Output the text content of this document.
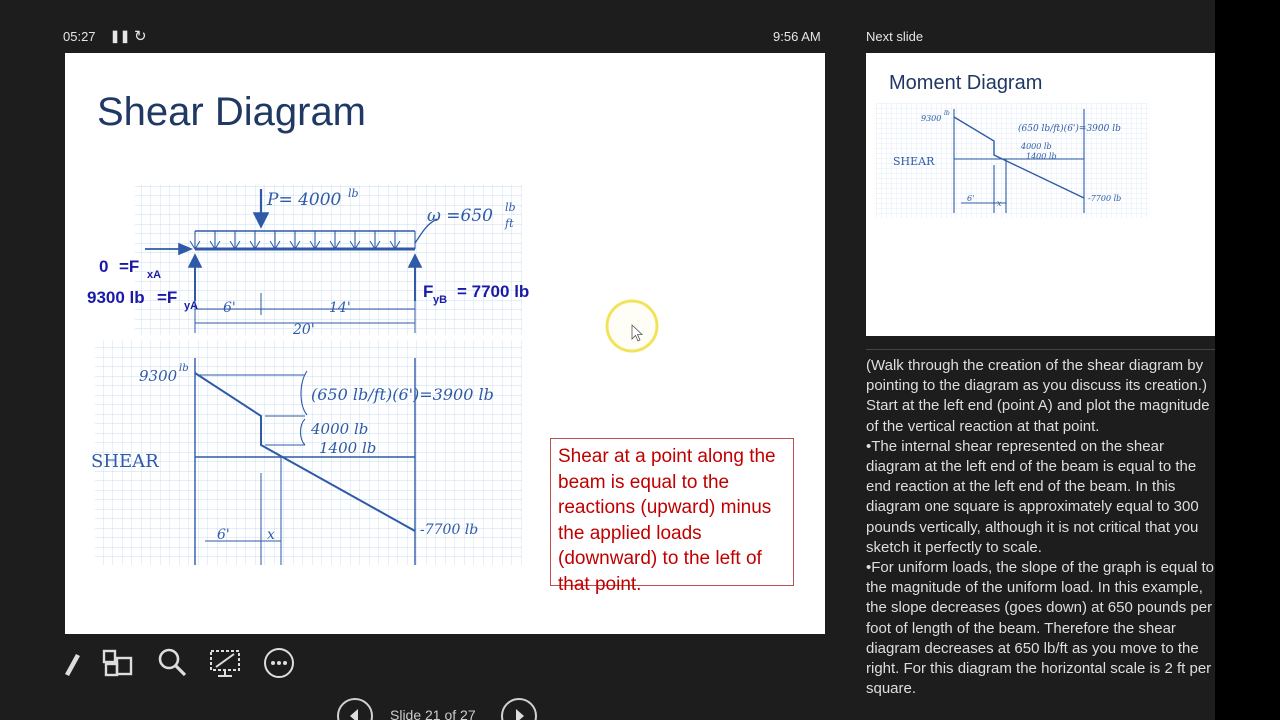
05:27 ❚❚ ↻	9:56 AM	Next slide
Shear Diagram
P= 4000 lb
ω =650 lb
ft
6'	14'
20'
9300 lb
(650 lb/ft)(6')=3900 lb
4000 lb
1400 lb
SHEAR
-7700 lb
6'	x
0 =F xA
9300 lb =F yA
F yB = 7700 lb
Shear at a point along the beam is equal to the reactions (upward) minus the applied loads (downward) to the left of that point.
Moment Diagram
9300
lb
(650 lb/ft)(6')=3900 lb
4000 lb
1400 lb
SHEAR
-7700 lb
6'
x

(Walk through the creation of the shear diagram by pointing to the diagram as you discuss its creation.)

Start at the left end (point A) and plot the magnitude of the vertical reaction at that point.

•The internal shear represented on the shear diagram at the left end of the beam is equal to the end reaction at the left end of the beam. In this diagram one square is approximately equal to 300 pounds vertically, although it is not critical that you sketch it perfectly to scale.

•For uniform loads, the slope of the graph is equal to the magnitude of the uniform load. In this example, the slope decreases (goes down) at 650 pounds per foot of length of the beam. Therefore the shear diagram decreases at 650 lb/ft as you move to the right. For this diagram the horizontal scale is 2 ft per square.

Slide 21 of 27
